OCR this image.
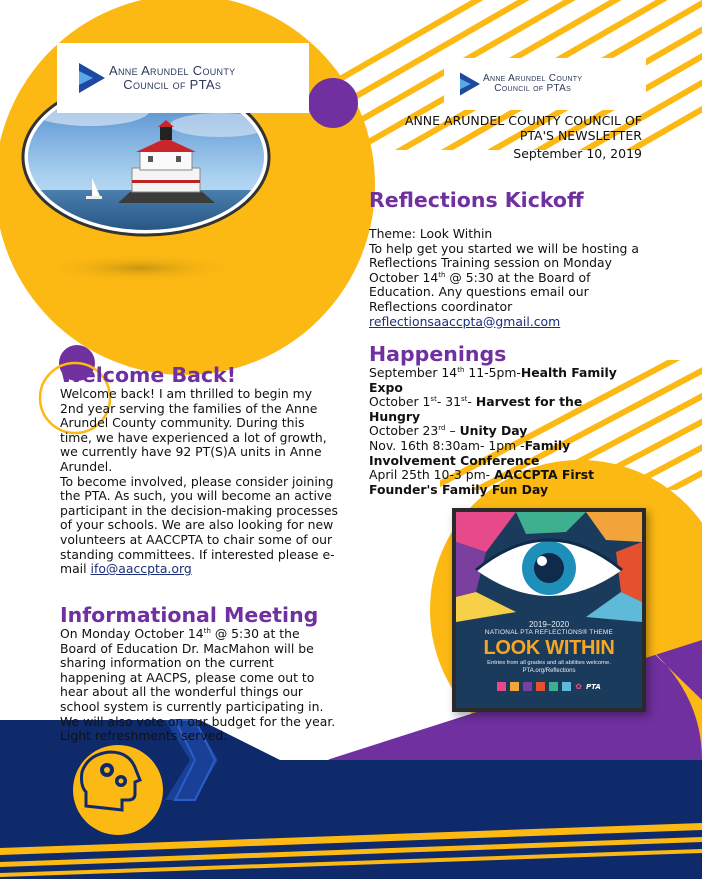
Anne Arundel County
Council of PTAs	Anne Arundel County
Council of PTAs
ANNE ARUNDEL COUNTY COUNCIL OF
PTA'S NEWSLETTER
September 10, 2019
Welcome Back!

Welcome back! I am thrilled to begin my 2nd year serving the families of the Anne Arundel County community. During this time, we have experienced a lot of growth, we currently have 92 PT(S)A units in Anne Arundel.

To become involved, please consider joining the PTA. As such, you will become an active participant in the decision-making processes of your schools. We are also looking for new volunteers at AACCPTA to chair some of our standing committees. If interested please e-mail ifo@aaccpta.org

Informational Meeting
On Monday October 14th @ 5:30 at the Board of Education Dr. MacMahon will be sharing information on the current happening at AACPS, please come out to hear about all the wonderful things our school system is currently participating in. We will also vote on our budget for the year. Light refreshments served.
Reflections Kickoff

Theme: Look Within

To help get you started we will be hosting a Reflections Training session on Monday October 14th @ 5:30 at the Board of Education. Any questions email our Reflections coordinator

reflectionsaaccpta@gmail.com

Happenings
September 14th 11-5pm-Health Family Expo
October 1st- 31st- Harvest for the Hungry
October 23rd – Unity Day
Nov. 16th 8:30am- 1pm -Family Involvement Conference
April 25th 10-3 pm- AACCPTA First Founder's Family Fun Day
2019–2020
NATIONAL PTA REFLECTIONS® THEME
LOOK WITHIN
Entries from all grades and all abilities welcome.
PTA.org/Reflections
✿ PTA
